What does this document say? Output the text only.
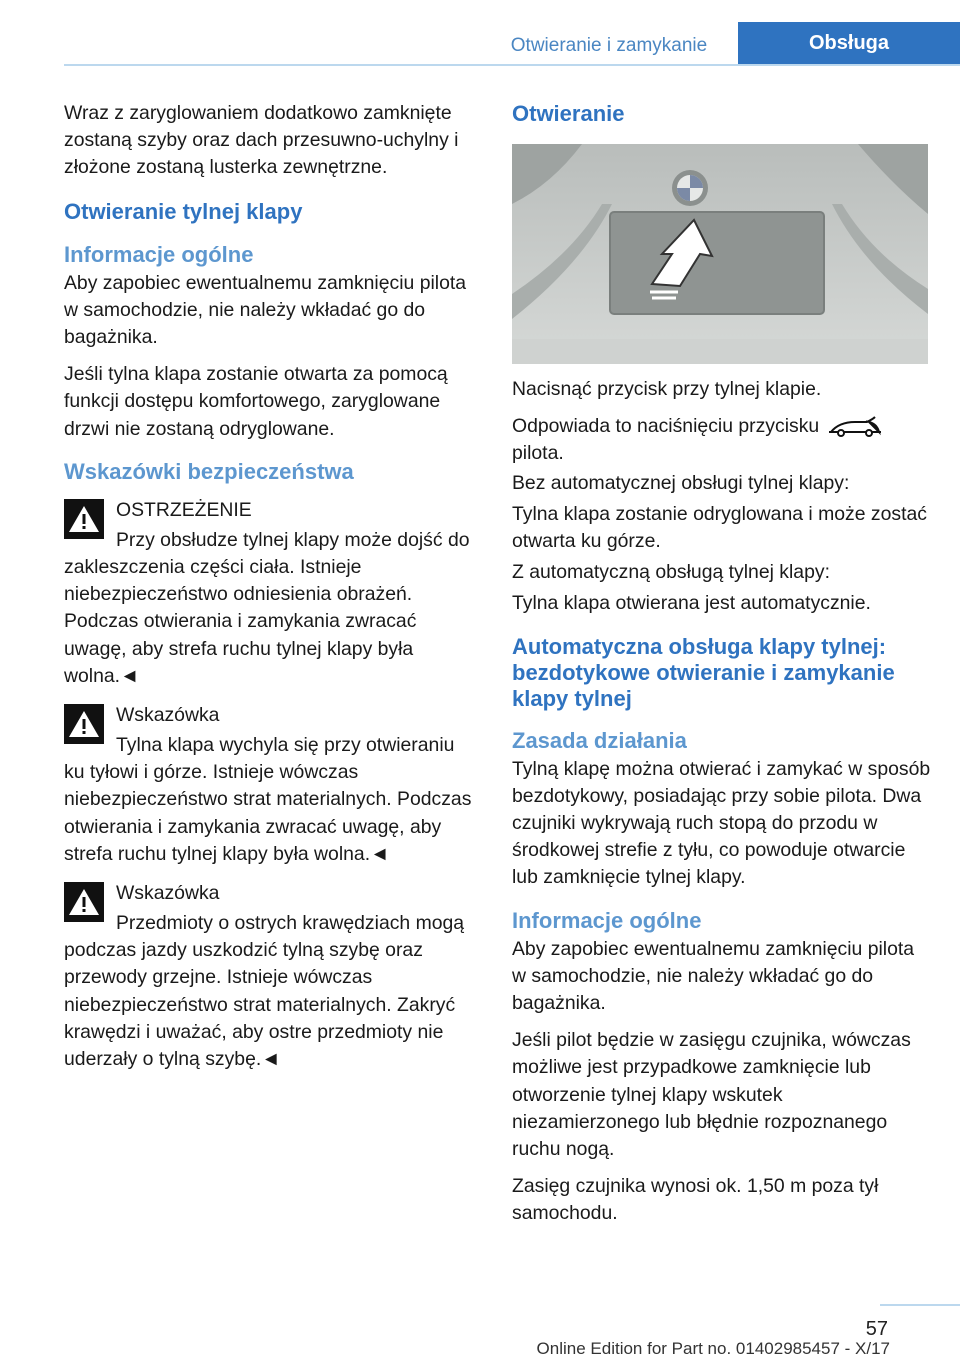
Otwieranie i zamykanie	Obsługa

Wraz z zaryglowaniem dodatkowo zamknięte zostaną szyby oraz dach przesuwno-uchylny i złożone zostaną lusterka zewnętrzne.

Otwieranie tylnej klapy
Informacje ogólne

Aby zapobiec ewentualnemu zamknięciu pilota w samochodzie, nie należy wkładać go do bagażnika.

Jeśli tylna klapa zostanie otwarta za pomocą funkcji dostępu komfortowego, zaryglowane drzwi nie zostaną odryglowane.

Wskazówki bezpieczeństwa
OSTRZEŻENIE
Przy obsłudze tylnej klapy może dojść do zakleszczenia części ciała. Istnieje niebezpieczeństwo odniesienia obrażeń. Podczas otwierania i zamykania zwracać uwagę, aby strefa ruchu tylnej klapy była wolna.◄
Wskazówka
Tylna klapa wychyla się przy otwieraniu ku tyłowi i górze. Istnieje wówczas niebezpieczeństwo strat materialnych. Podczas otwierania i zamykania zwracać uwagę, aby strefa ruchu tylnej klapy była wolna.◄
Wskazówka
Przedmioty o ostrych krawędziach mogą podczas jazdy uszkodzić tylną szybę oraz przewody grzejne. Istnieje wówczas niebezpieczeństwo strat materialnych. Zakryć krawędzi i uważać, aby ostre przedmioty nie uderzały o tylną szybę.◄
Otwieranie

Nacisnąć przycisk przy tylnej klapie.

Odpowiada to naciśnięciu przycisku  pilota.

Bez automatycznej obsługi tylnej klapy:

Tylna klapa zostanie odryglowana i może zostać otwarta ku górze.

Z automatyczną obsługą tylnej klapy:

Tylna klapa otwierana jest automatycznie.

Automatyczna obsługa klapy tylnej: bezdotykowe otwieranie i zamykanie klapy tylnej
Zasada działania

Tylną klapę można otwierać i zamykać w sposób bezdotykowy, posiadając przy sobie pilota. Dwa czujniki wykrywają ruch stopą do przodu w środkowej strefie z tyłu, co powoduje otwarcie lub zamknięcie tylnej klapy.

Informacje ogólne

Aby zapobiec ewentualnemu zamknięciu pilota w samochodzie, nie należy wkładać go do bagażnika.

Jeśli pilot będzie w zasięgu czujnika, wówczas możliwe jest przypadkowe zamknięcie lub otworzenie tylnej klapy wskutek niezamierzonego lub błędnie rozpoznanego ruchu nogą.

Zasięg czujnika wynosi ok. 1,50 m poza tył samochodu.

57
Online Edition for Part no. 01402985457 - X/17
